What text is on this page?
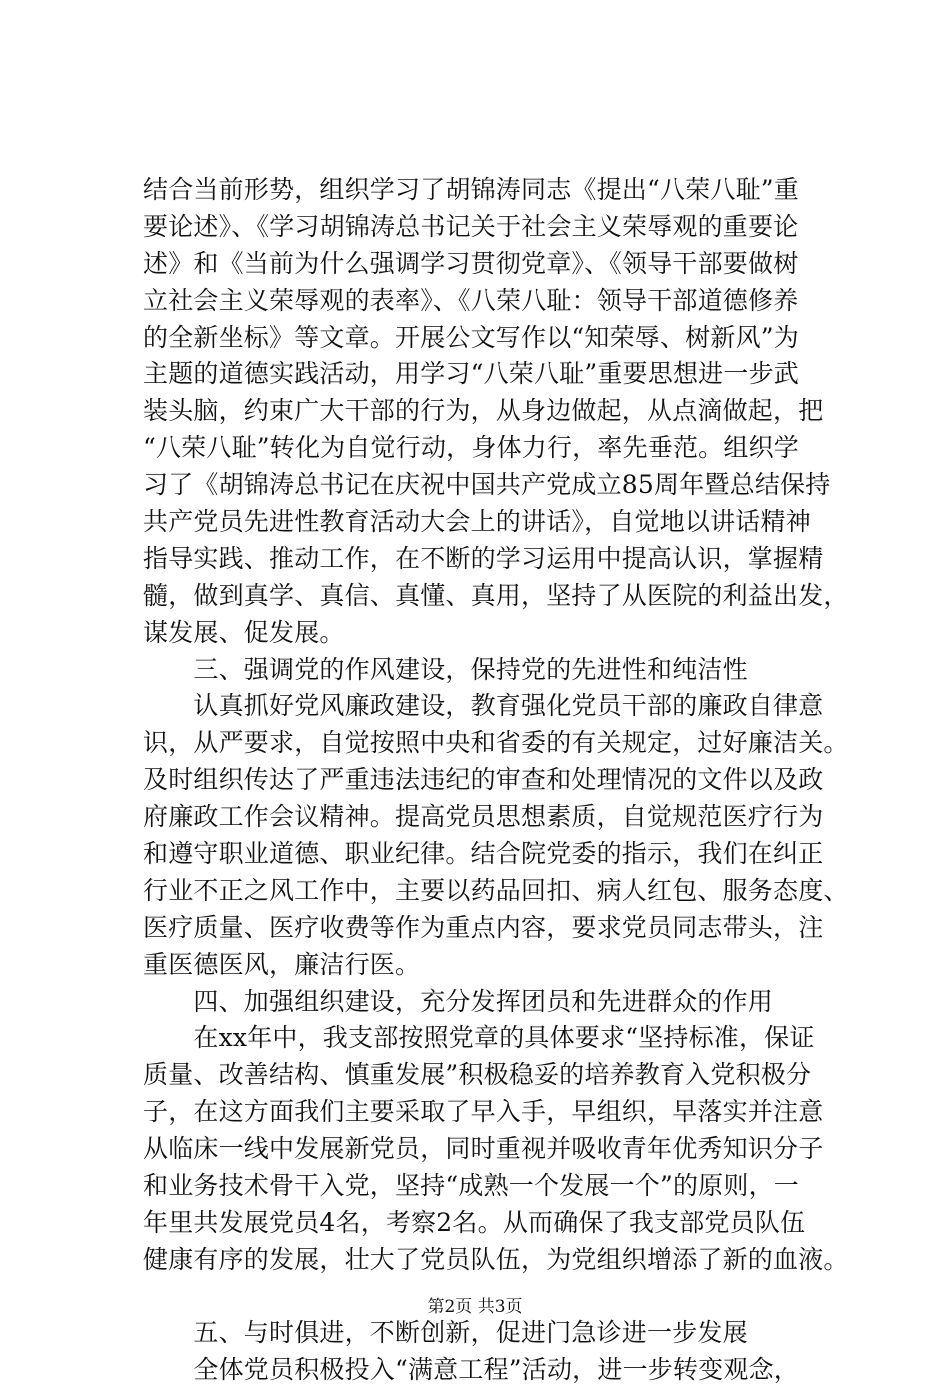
结合当前形势，组织学习了胡锦涛同志《提出“八荣八耻”重
要论述》、《学习胡锦涛总书记关于社会主义荣辱观的重要论
述》和《当前为什么强调学习贯彻党章》、《领导干部要做树
立社会主义荣辱观的表率》、《八荣八耻：领导干部道德修养
的全新坐标》等文章。开展公文写作以“知荣辱、树新风”为
主题的道德实践活动，用学习“八荣八耻”重要思想进一步武
装头脑，约束广大干部的行为，从身边做起，从点滴做起，把
“八荣八耻”转化为自觉行动，身体力行，率先垂范。组织学
习了《胡锦涛总书记在庆祝中国共产党成立85周年暨总结保持
共产党员先进性教育活动大会上的讲话》，自觉地以讲话精神
指导实践、推动工作，在不断的学习运用中提高认识，掌握精
髓，做到真学、真信、真懂、真用，坚持了从医院的利益出发，
谋发展、促发展。
　　三、强调党的作风建设，保持党的先进性和纯洁性
　　认真抓好党风廉政建设，教育强化党员干部的廉政自律意
识，从严要求，自觉按照中央和省委的有关规定，过好廉洁关。
及时组织传达了严重违法违纪的审查和处理情况的文件以及政
府廉政工作会议精神。提高党员思想素质，自觉规范医疗行为
和遵守职业道德、职业纪律。结合院党委的指示，我们在纠正
行业不正之风工作中，主要以药品回扣、病人红包、服务态度、
医疗质量、医疗收费等作为重点内容，要求党员同志带头，注
重医德医风，廉洁行医。
　　四、加强组织建设，充分发挥团员和先进群众的作用
　　在xx年中，我支部按照党章的具体要求“坚持标准，保证
质量、改善结构、慎重发展”积极稳妥的培养教育入党积极分
子，在这方面我们主要采取了早入手，早组织，早落实并注意
从临床一线中发展新党员，同时重视并吸收青年优秀知识分子
和业务技术骨干入党，坚持“成熟一个发展一个”的原则，一
年里共发展党员4名，考察2名。从而确保了我支部党员队伍
健康有序的发展，壮大了党员队伍，为党组织增添了新的血液。
　　五、与时俱进，不断创新，促进门急诊进一步发展
　　全体党员积极投入“满意工程”活动，进一步转变观念，
第2页 共3页
